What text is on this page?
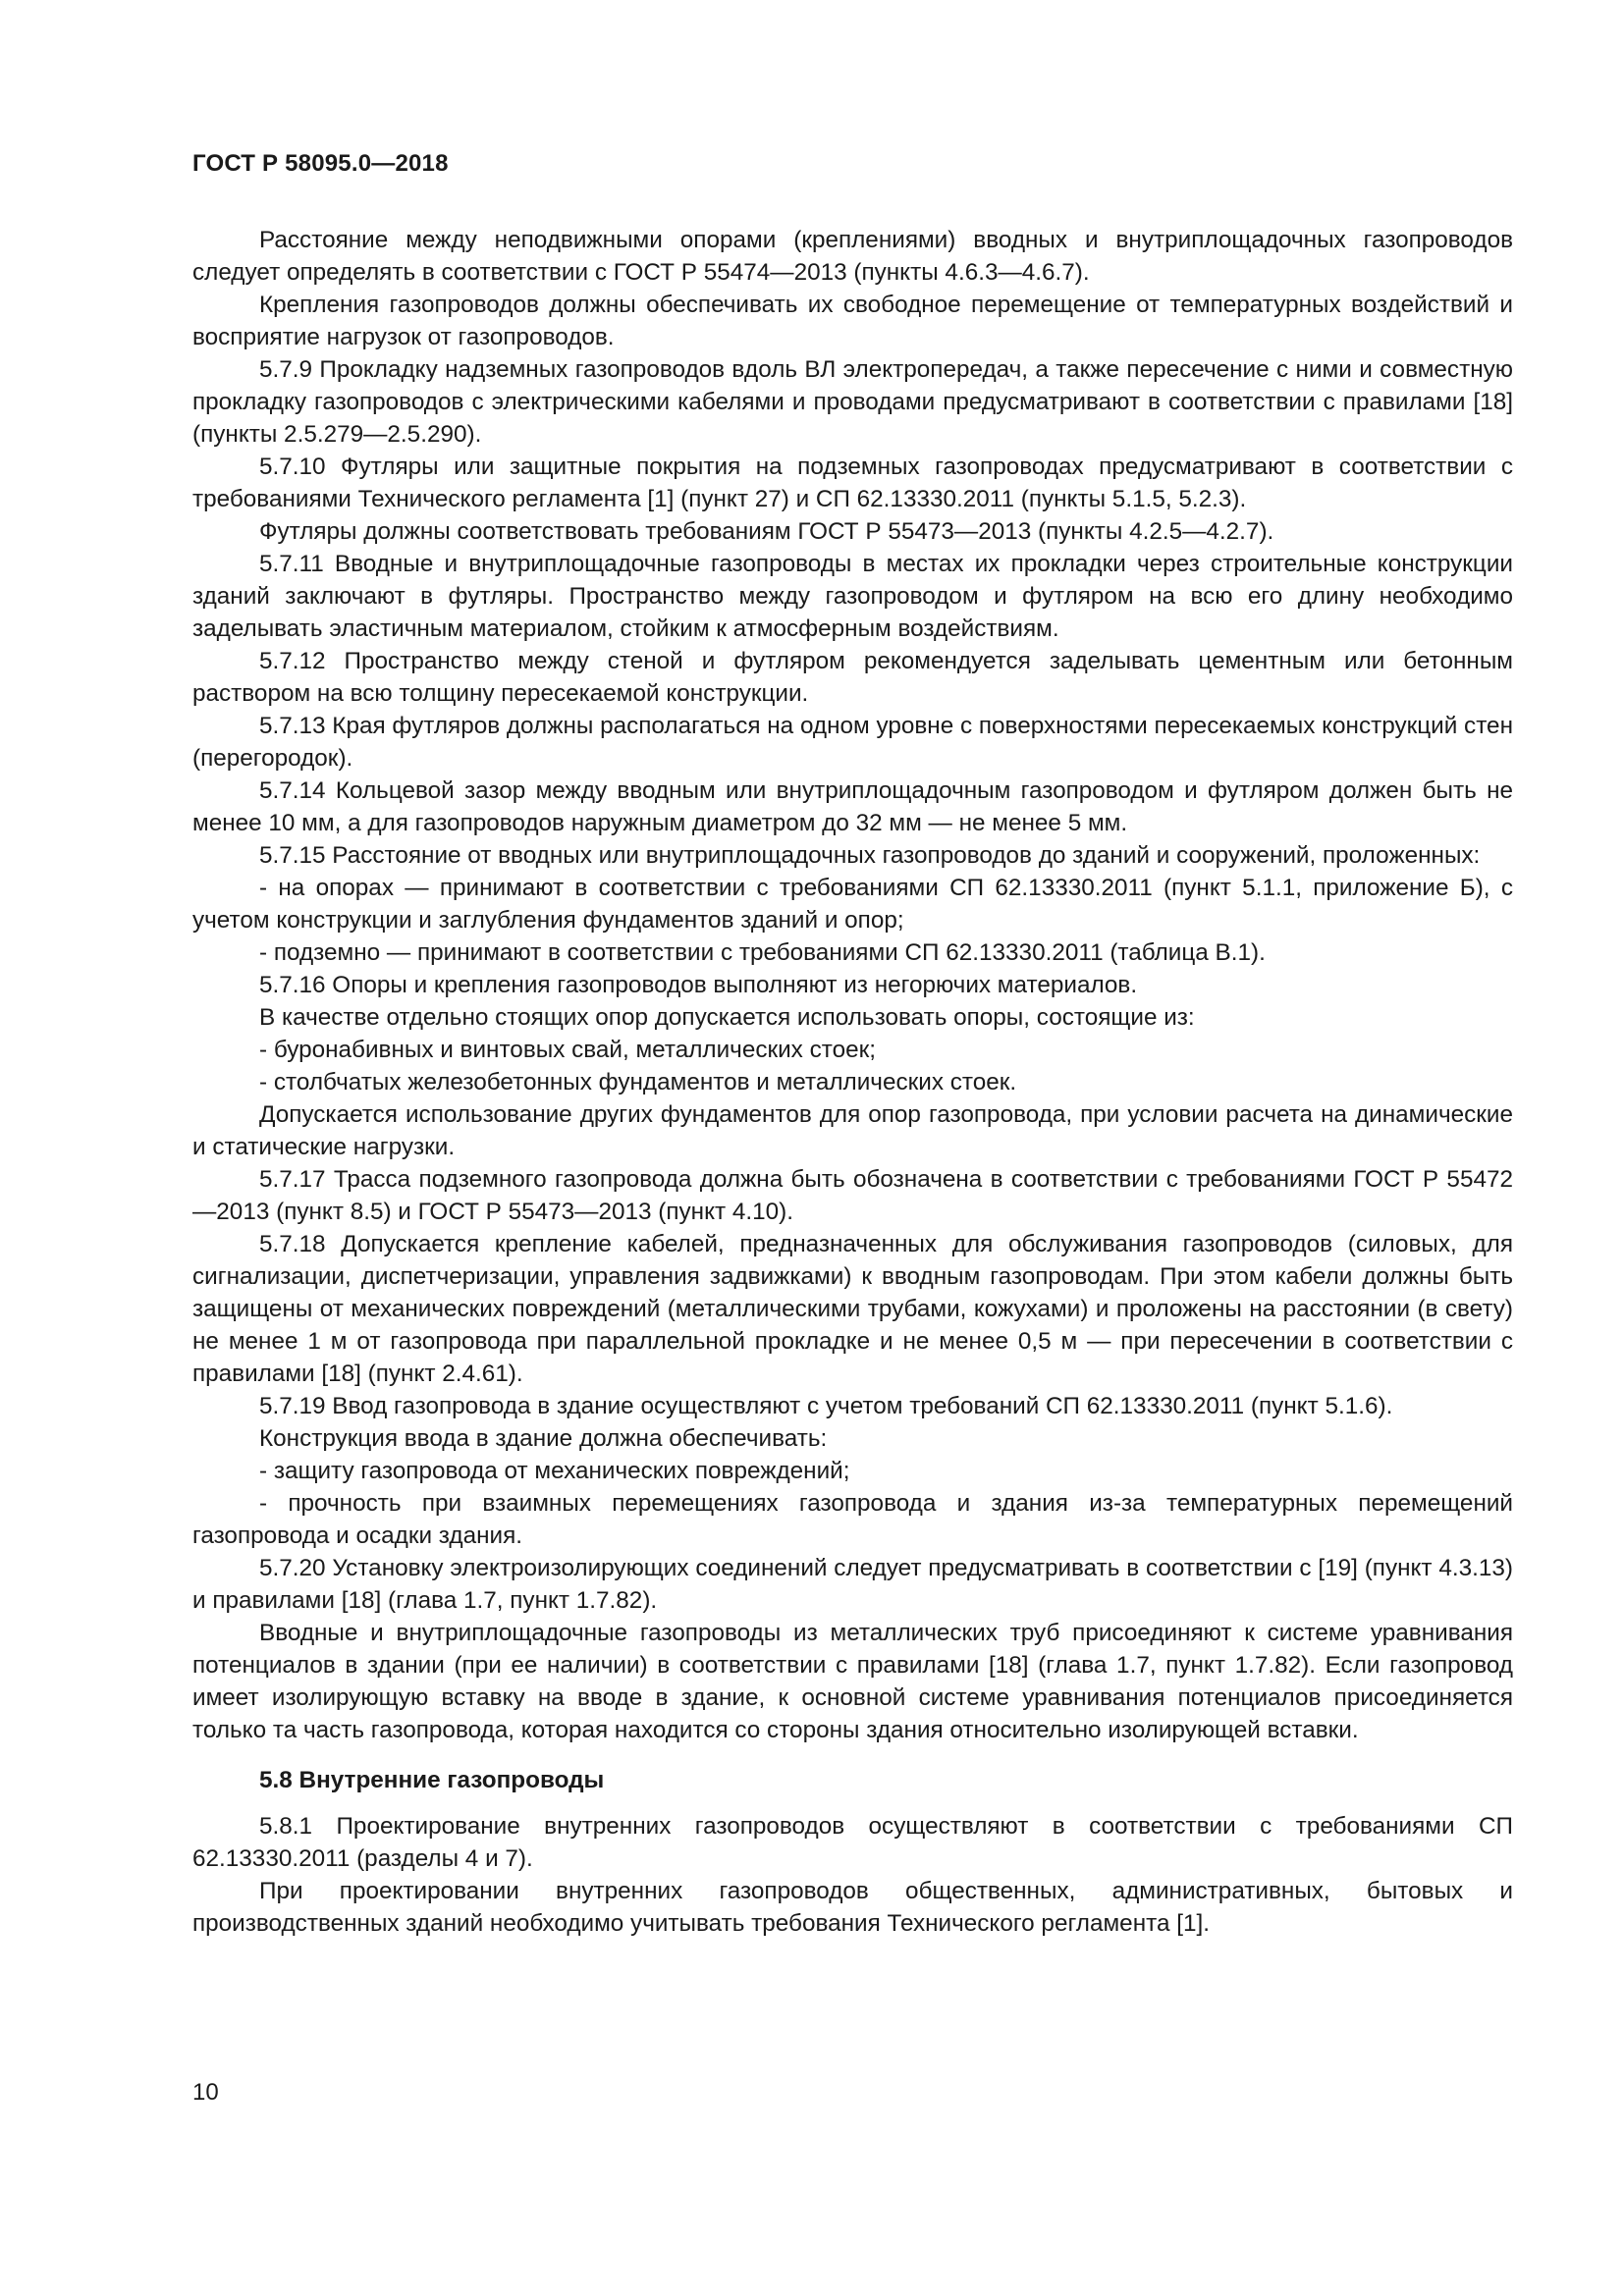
ГОСТ Р 58095.0—2018

Расстояние между неподвижными опорами (креплениями) вводных и внутриплощадочных газопроводов следует определять в соответствии с ГОСТ Р 55474—2013 (пункты 4.6.3—4.6.7).

Крепления газопроводов должны обеспечивать их свободное перемещение от температурных воздействий и восприятие нагрузок от газопроводов.

5.7.9 Прокладку надземных газопроводов вдоль ВЛ электропередач, а также пересечение с ними и совместную прокладку газопроводов с электрическими кабелями и проводами предусматривают в соответствии с правилами [18] (пункты 2.5.279—2.5.290).

5.7.10 Футляры или защитные покрытия на подземных газопроводах предусматривают в соответствии с требованиями Технического регламента [1] (пункт 27) и СП 62.13330.2011 (пункты 5.1.5, 5.2.3).

Футляры должны соответствовать требованиям ГОСТ Р 55473—2013 (пункты 4.2.5—4.2.7).

5.7.11 Вводные и внутриплощадочные газопроводы в местах их прокладки через строительные конструкции зданий заключают в футляры. Пространство между газопроводом и футляром на всю его длину необходимо заделывать эластичным материалом, стойким к атмосферным воздействиям.

5.7.12 Пространство между стеной и футляром рекомендуется заделывать цементным или бетонным раствором на всю толщину пересекаемой конструкции.

5.7.13 Края футляров должны располагаться на одном уровне с поверхностями пересекаемых конструкций стен (перегородок).

5.7.14 Кольцевой зазор между вводным или внутриплощадочным газопроводом и футляром должен быть не менее 10 мм, а для газопроводов наружным диаметром до 32 мм — не менее 5 мм.

5.7.15 Расстояние от вводных или внутриплощадочных газопроводов до зданий и сооружений, проложенных:

- на опорах — принимают в соответствии с требованиями СП 62.13330.2011 (пункт 5.1.1, приложение Б), с учетом конструкции и заглубления фундаментов зданий и опор;

- подземно — принимают в соответствии с требованиями СП 62.13330.2011 (таблица В.1).

5.7.16 Опоры и крепления газопроводов выполняют из негорючих материалов.

В качестве отдельно стоящих опор допускается использовать опоры, состоящие из:

- буронабивных и винтовых свай, металлических стоек;

- столбчатых железобетонных фундаментов и металлических стоек.

Допускается использование других фундаментов для опор газопровода, при условии расчета на динамические и статические нагрузки.

5.7.17 Трасса подземного газопровода должна быть обозначена в соответствии с требованиями ГОСТ Р 55472—2013 (пункт 8.5) и ГОСТ Р 55473—2013 (пункт 4.10).

5.7.18 Допускается крепление кабелей, предназначенных для обслуживания газопроводов (силовых, для сигнализации, диспетчеризации, управления задвижками) к вводным газопроводам. При этом кабели должны быть защищены от механических повреждений (металлическими трубами, кожухами) и проложены на расстоянии (в свету) не менее 1 м от газопровода при параллельной прокладке и не менее 0,5 м — при пересечении в соответствии с правилами [18] (пункт 2.4.61).

5.7.19 Ввод газопровода в здание осуществляют с учетом требований СП 62.13330.2011 (пункт 5.1.6).

Конструкция ввода в здание должна обеспечивать:

- защиту газопровода от механических повреждений;

- прочность при взаимных перемещениях газопровода и здания из-за температурных перемещений газопровода и осадки здания.

5.7.20 Установку электроизолирующих соединений следует предусматривать в соответствии с [19] (пункт 4.3.13) и правилами [18] (глава 1.7, пункт 1.7.82).

Вводные и внутриплощадочные газопроводы из металлических труб присоединяют к системе уравнивания потенциалов в здании (при ее наличии) в соответствии с правилами [18] (глава 1.7, пункт 1.7.82). Если газопровод имеет изолирующую вставку на вводе в здание, к основной системе уравнивания потенциалов присоединяется только та часть газопровода, которая находится со стороны здания относительно изолирующей вставки.

5.8 Внутренние газопроводы

5.8.1 Проектирование внутренних газопроводов осуществляют в соответствии с требованиями СП 62.13330.2011 (разделы 4 и 7).

При проектировании внутренних газопроводов общественных, административных, бытовых и производственных зданий необходимо учитывать требования Технического регламента [1].

10
